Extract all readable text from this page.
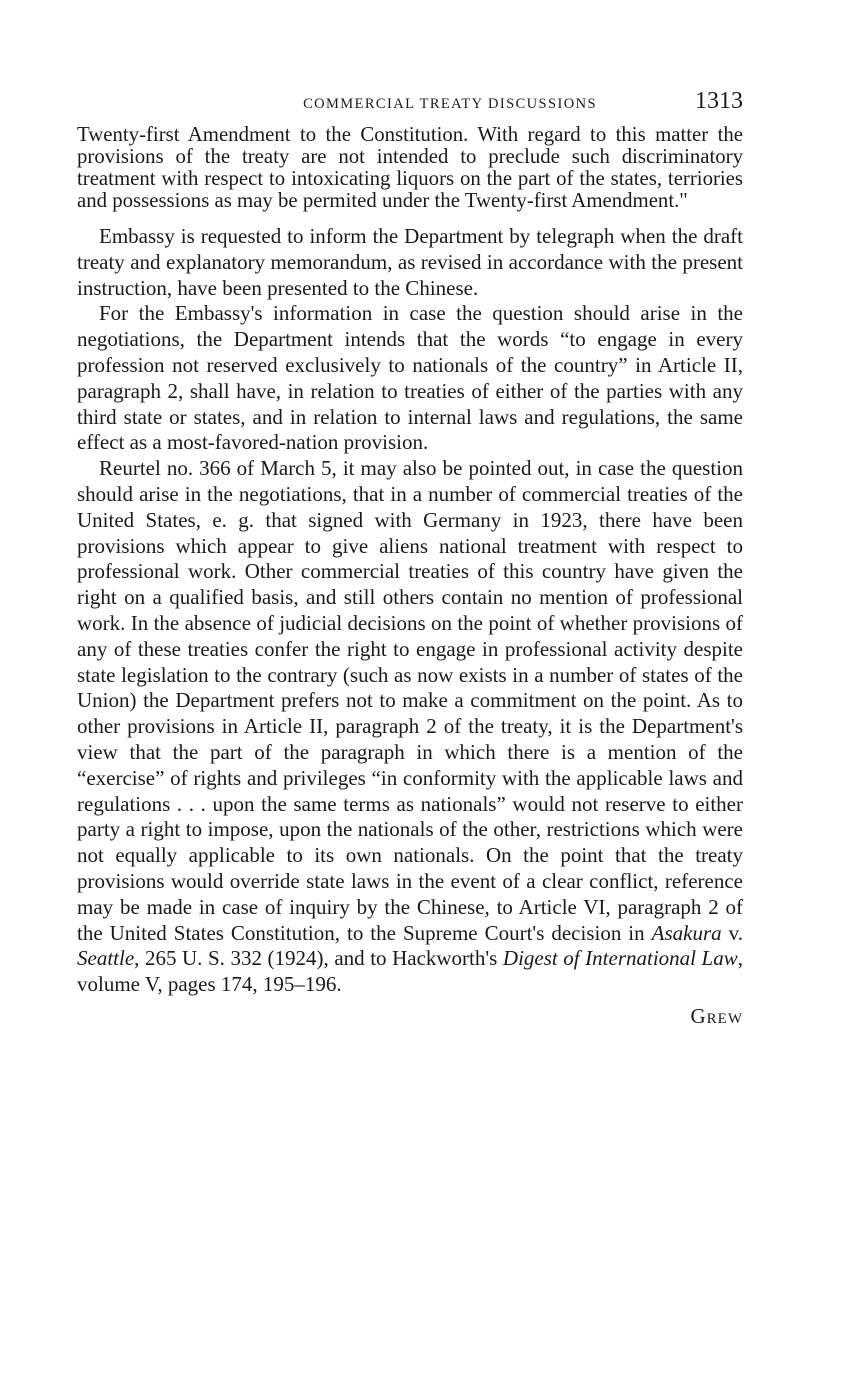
COMMERCIAL TREATY DISCUSSIONS	1313
Twenty-first Amendment to the Constitution. With regard to this matter the provisions of the treaty are not intended to preclude such discriminatory treatment with respect to intoxicating liquors on the part of the states, terriories and possessions as may be permited under the Twenty-first Amendment."

Embassy is requested to inform the Department by telegraph when the draft treaty and explanatory memorandum, as revised in accordance with the present instruction, have been presented to the Chinese.

For the Embassy's information in case the question should arise in the negotiations, the Department intends that the words “to engage in every profession not reserved exclusively to nationals of the country” in Article II, paragraph 2, shall have, in relation to treaties of either of the parties with any third state or states, and in relation to internal laws and regulations, the same effect as a most-favored-nation provision.

Reurtel no. 366 of March 5, it may also be pointed out, in case the question should arise in the negotiations, that in a number of commercial treaties of the United States, e. g. that signed with Germany in 1923, there have been provisions which appear to give aliens national treatment with respect to professional work. Other commercial treaties of this country have given the right on a qualified basis, and still others contain no mention of professional work. In the absence of judicial decisions on the point of whether provisions of any of these treaties confer the right to engage in professional activity despite state legislation to the contrary (such as now exists in a number of states of the Union) the Department prefers not to make a commitment on the point. As to other provisions in Article II, paragraph 2 of the treaty, it is the Department's view that the part of the paragraph in which there is a mention of the “exercise” of rights and privileges “in conformity with the applicable laws and regulations . . . upon the same terms as nationals” would not reserve to either party a right to impose, upon the nationals of the other, restrictions which were not equally applicable to its own nationals. On the point that the treaty provisions would override state laws in the event of a clear conflict, reference may be made in case of inquiry by the Chinese, to Article VI, paragraph 2 of the United States Constitution, to the Supreme Court's decision in Asakura v. Seattle, 265 U. S. 332 (1924), and to Hackworth's Digest of International Law, volume V, pages 174, 195–196.

Grew
